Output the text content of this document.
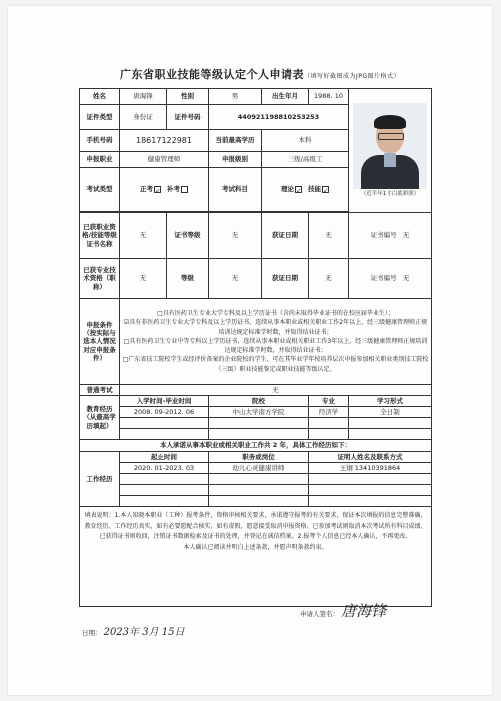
广东省职业技能等级认定个人申请表（填写好截图成为JPG图片格式）
姓名	唐海锋	性别	男	出生年月	1988. 10	（近半年1寸白底彩照）

证件类型	身份证	证件号码	440921198810253253			
手机号码	18617122981		当前最高学历	本科		
申报职业	健康管理师		申报级别	三级/高级工		
考试类型	正考 ✓ 补考		考试科目	理论 ✓ 技能 ✓		

已获职业资格/技能等级证书名称	无	证书等级	无	获证日期	无	证书编号 无
已获专业技术资格（职称）	无	等级	无	获证日期	无	证书编号 无
申报条件（按实际与选本人情况对应申报条件）	□具有医药卫生专业大学专科及以上学历证书（含尚未取得毕业证书的在校应届毕业生）；
☑具有非医药卫生专业大学专科及以上学历证书，连续从事本职业或相关职业工作2年以上，经三级健康管理师正规培训达规定标准学时数，并取得结业证书；
□具有医药卫生专业中等专科以上学历证书，连续从事本职业或相关职业工作3年以上，经三级健康管理师正规培训达规定标准学时数，并取得结业证书；
□广东省技工院校学生或经评价备案的企业院校的学生，可在其毕业学年按培养层次申报参加相关职业类别技工院校（三级）职业技能鉴定或职业技能等级认定。					

普通考试	无					
教育经历（从最高学历填起）	入学时间-毕业时间		院校		专业	学习形式
	2008. 09-2012. 06		中山大学南方学院		经济学	全日制

本人承诺从事本职业或相关职业工作共 2 年，具体工作经历如下：						
工作经历	起止时间		职务或岗位		证明人姓名及联系方式	
	2020. 01-2023. 03		幼儿心灵健康讲师		王炯 13410391864	

填表说明：1.本人知晓本职业（工种）报考条件，资格审核相关要求，承诺遵守报考的有关要求，保证本次填报的信息完整准确，教育经历、工作经历真实，如有必要愿配合核实，如有虚假，愿意接受取消申报资格、已参加考试则取消本次考试所有科目成绩、已获得证书则收回，注销证书数据检索及证书的处理，并登记在诚信档案。2.报考个人信息已经本人确认，不再更改。
本人确认已阅读并明白上述条款，并愿声明条款约束。						
申请人签名： 唐海锋
日期： 2023年 3月 15日
